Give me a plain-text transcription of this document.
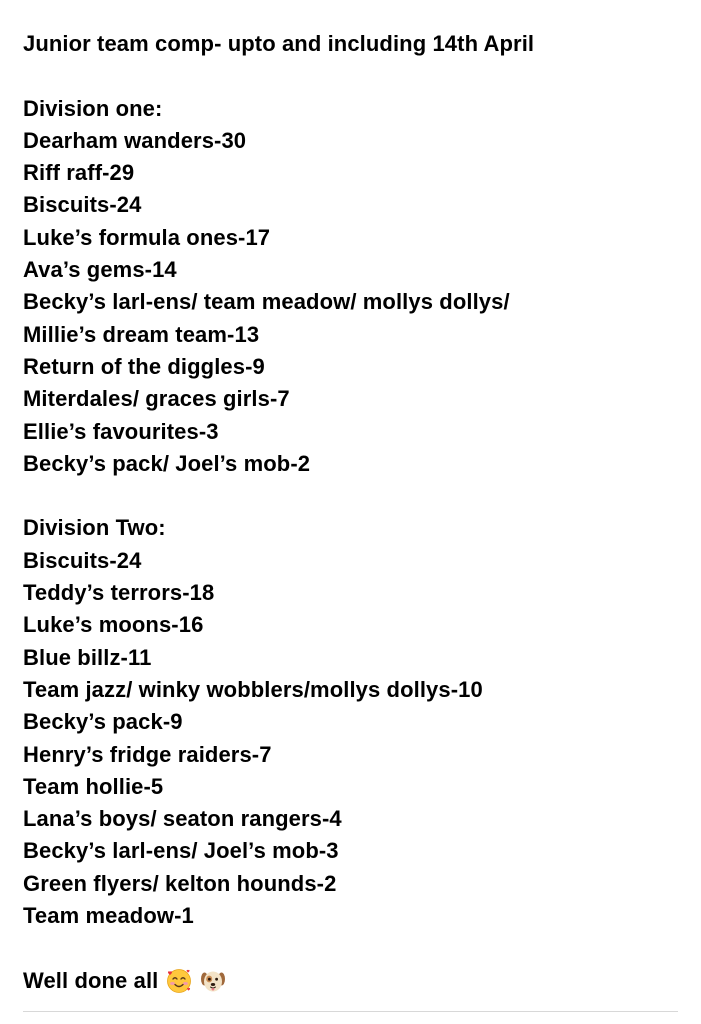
Junior team comp- upto and including 14th April
Division one:
Dearham wanders-30
Riff raff-29
Biscuits-24
Luke’s formula ones-17
Ava’s gems-14
Becky’s larl-ens/ team meadow/ mollys dollys/
Millie’s dream team-13
Return of the diggles-9
Miterdales/ graces girls-7
Ellie’s favourites-3
Becky’s pack/ Joel’s mob-2
Division Two:
Biscuits-24
Teddy’s terrors-18
Luke’s moons-16
Blue billz-11
Team jazz/ winky wobblers/mollys dollys-10
Becky’s pack-9
Henry’s fridge raiders-7
Team hollie-5
Lana’s boys/ seaton rangers-4
Becky’s larl-ens/ Joel’s mob-3
Green flyers/ kelton hounds-2
Team meadow-1
Well done all
